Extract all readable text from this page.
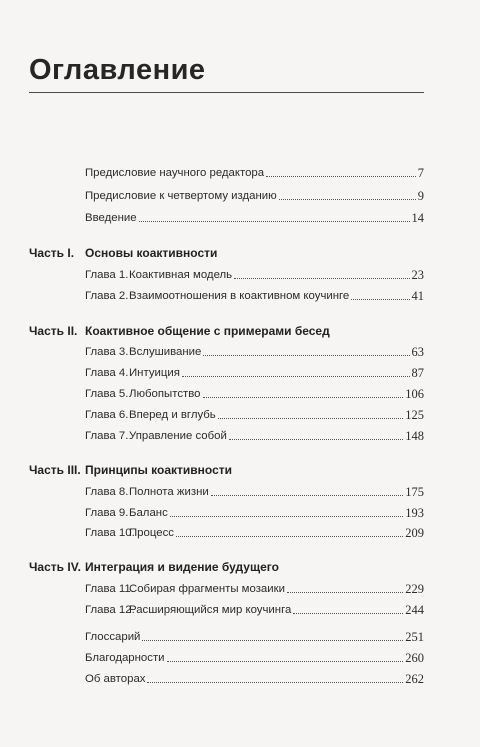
Оглавление
Предисловие научного редактора	7
Предисловие к четвертому изданию	9
Введение	14
Часть I. Основы коактивности
Глава 1.Коактивная модель	23
Глава 2.Взаимоотношения в коактивном коучинге	41
Часть II. Коактивное общение с примерами бесед
Глава 3.Вслушивание	63
Глава 4.Интуиция	87
Глава 5.Любопытство	106
Глава 6.Вперед и вглубь	125
Глава 7.Управление собой	148
Часть III. Принципы коактивности
Глава 8.Полнота жизни	175
Глава 9.Баланс	193
Глава 10.Процесс	209
Часть IV. Интеграция и видение будущего
Глава 11.Собирая фрагменты мозаики	229
Глава 12.Расширяющийся мир коучинга	244
Глоссарий	251
Благодарности	260
Об авторах	262
